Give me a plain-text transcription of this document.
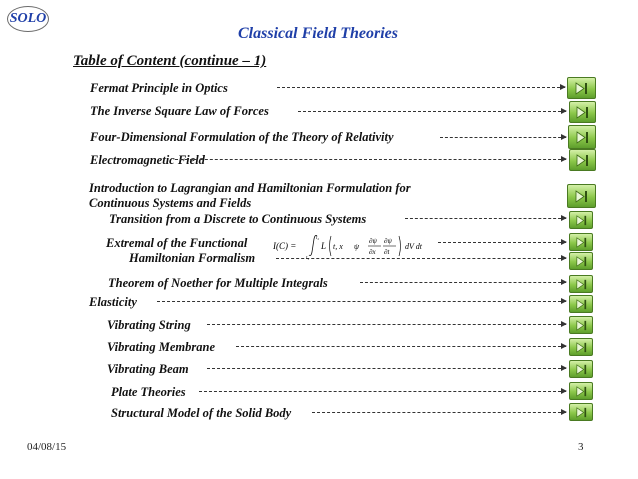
SOLO
Classical Field Theories
Table of Content (continue – 1)
Fermat Principle in Optics
The Inverse Square Law of Forces
Four-Dimensional Formulation of the Theory of Relativity
Electromagnetic Field
Introduction to Lagrangian and Hamiltonian Formulation for
Continuous Systems and Fields
Transition from a Discrete to Continuous Systems
Extremal of the Functional
Hamiltonian Formalism
Theorem of Noether for Multiple Integrals
Elasticity
Vibrating String
Vibrating Membrane
Vibrating Beam
Plate Theories
Structural Model of the Solid Body
I(C) =
t₂
t₁
L t, x ψ
∂ψ
∂x
∂ψ
∂t
dV dt
04/08/15	3
